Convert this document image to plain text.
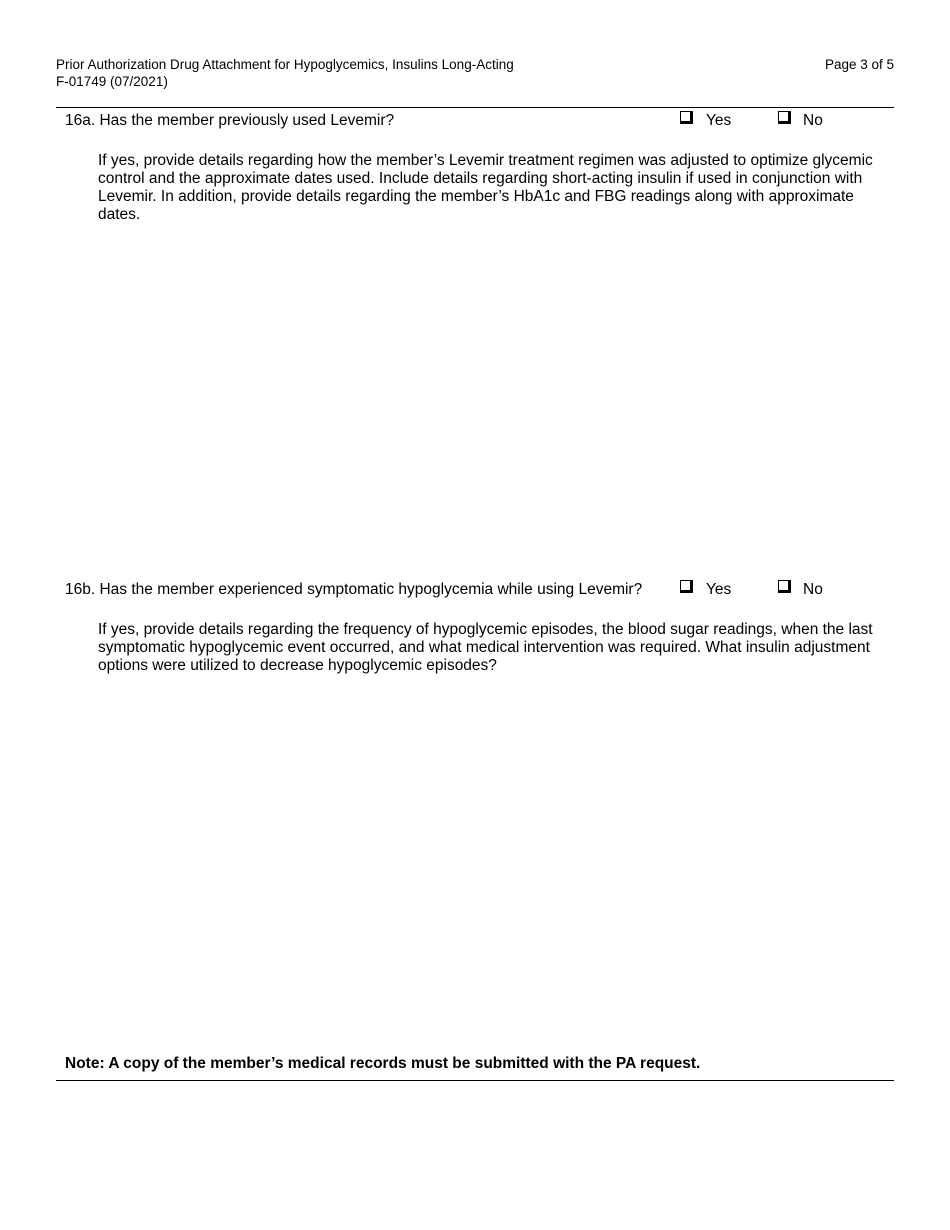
Prior Authorization Drug Attachment for Hypoglycemics, Insulins Long-Acting
F-01749 (07/2021)
Page 3 of 5
16a. Has the member previously used Levemir?	Yes	No
If yes, provide details regarding how the member’s Levemir treatment regimen was adjusted to optimize glycemic control and the approximate dates used. Include details regarding short-acting insulin if used in conjunction with Levemir. In addition, provide details regarding the member’s HbA1c and FBG readings along with approximate dates.
16b. Has the member experienced symptomatic hypoglycemia while using Levemir?	Yes	No
If yes, provide details regarding the frequency of hypoglycemic episodes, the blood sugar readings, when the last symptomatic hypoglycemic event occurred, and what medical intervention was required. What insulin adjustment options were utilized to decrease hypoglycemic episodes?
Note: A copy of the member’s medical records must be submitted with the PA request.
